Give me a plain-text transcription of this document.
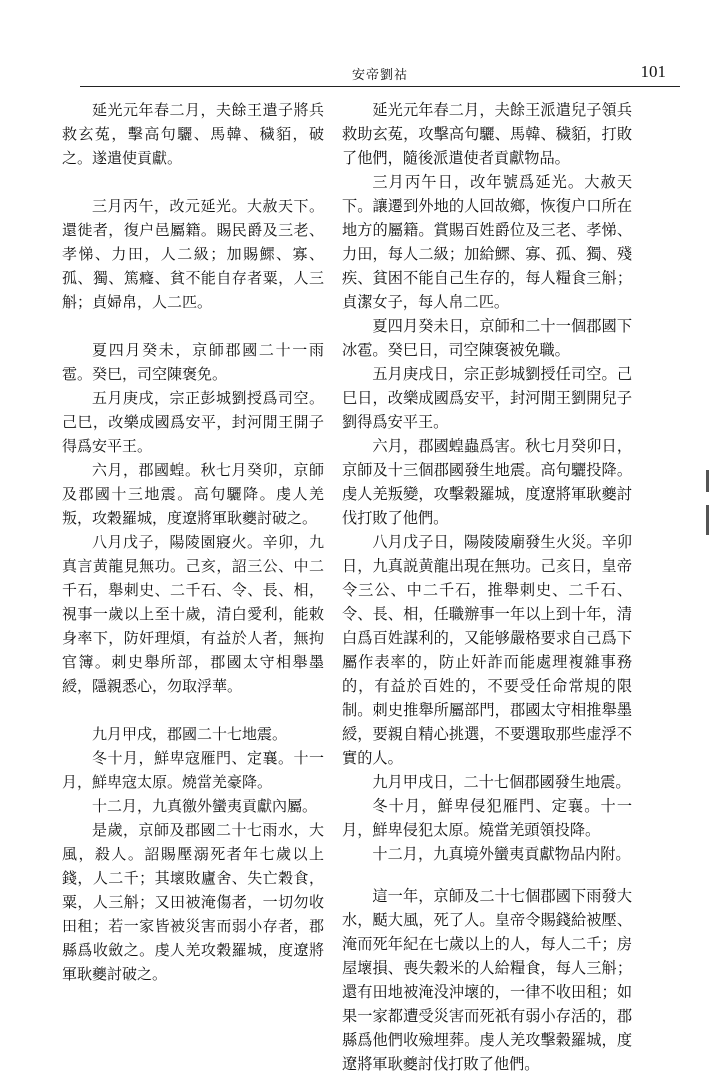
安帝劉祜	101

延光元年春二月，夫餘王遣子將兵救玄菟，擊高句驪、馬韓、穢貊，破之。遂遣使貢獻。

三月丙午，改元延光。大赦天下。還徙者，復户邑屬籍。賜民爵及三老、孝悌、力田，人二級；加賜鰥、寡、孤、獨、篤癃、貧不能自存者粟，人三斛；貞婦帛，人二匹。

夏四月癸未，京師郡國二十一雨雹。癸巳，司空陳褒免。

五月庚戌，宗正彭城劉授爲司空。己巳，改樂成國爲安平，封河閒王開子得爲安平王。

六月，郡國蝗。秋七月癸卯，京師及郡國十三地震。高句驪降。虔人羌叛，攻穀羅城，度遼將軍耿夔討破之。

八月戊子，陽陵園寢火。辛卯，九真言黄龍見無功。己亥，詔三公、中二千石，舉刺史、二千石、令、長、相，視事一歲以上至十歲，清白愛利，能敕身率下，防奸理煩，有益於人者，無拘官簿。刺史舉所部，郡國太守相舉墨綬，隱親悉心，勿取浮華。

九月甲戌，郡國二十七地震。

冬十月，鮮卑寇雁門、定襄。十一月，鮮卑寇太原。燒當羌豪降。

十二月，九真徼外蠻夷貢獻內屬。

是歲，京師及郡國二十七雨水，大風，殺人。詔賜壓溺死者年七歲以上錢，人二千；其壞敗廬舍、失亡穀食，粟，人三斛；又田被淹傷者，一切勿收田租；若一家皆被災害而弱小存者，郡縣爲收斂之。虔人羌攻穀羅城，度遼將軍耿夔討破之。

延光元年春二月，夫餘王派遣兒子領兵救助玄菟，攻擊高句驪、馬韓、穢貊，打敗了他們，隨後派遣使者貢獻物品。

三月丙午日，改年號爲延光。大赦天下。讓遷到外地的人回故鄉，恢復户口所在地方的屬籍。賞賜百姓爵位及三老、孝悌、力田，每人二級；加給鰥、寡、孤、獨、殘疾、貧困不能自己生存的，每人糧食三斛；貞潔女子，每人帛二匹。

夏四月癸未日，京師和二十一個郡國下冰雹。癸巳日，司空陳褒被免職。

五月庚戌日，宗正彭城劉授任司空。己巳日，改樂成國爲安平，封河閒王劉開兒子劉得爲安平王。

六月，郡國蝗蟲爲害。秋七月癸卯日，京師及十三個郡國發生地震。高句驪投降。虔人羌叛變，攻擊穀羅城，度遼將軍耿夔討伐打敗了他們。

八月戊子日，陽陵陵廟發生火災。辛卯日，九真説黄龍出現在無功。己亥日，皇帝令三公、中二千石，推舉刺史、二千石、令、長、相，任職辦事一年以上到十年，清白爲百姓謀利的，又能够嚴格要求自己爲下屬作表率的，防止奸詐而能處理複雜事務的，有益於百姓的，不要受任命常規的限制。刺史推舉所屬部門，郡國太守相推舉墨綬，要親自精心挑選，不要選取那些虚浮不實的人。

九月甲戌日，二十七個郡國發生地震。

冬十月，鮮卑侵犯雁門、定襄。十一月，鮮卑侵犯太原。燒當羌頭領投降。

十二月，九真境外蠻夷貢獻物品内附。

這一年，京師及二十七個郡國下雨發大水，颳大風，死了人。皇帝令賜錢給被壓、淹而死年紀在七歲以上的人，每人二千；房屋壞損、喪失穀米的人給糧食，每人三斛；還有田地被淹没沖壞的，一律不收田租；如果一家都遭受災害而死祇有弱小存活的，郡縣爲他們收殮埋葬。虔人羌攻擊穀羅城，度遼將軍耿夔討伐打敗了他們。
